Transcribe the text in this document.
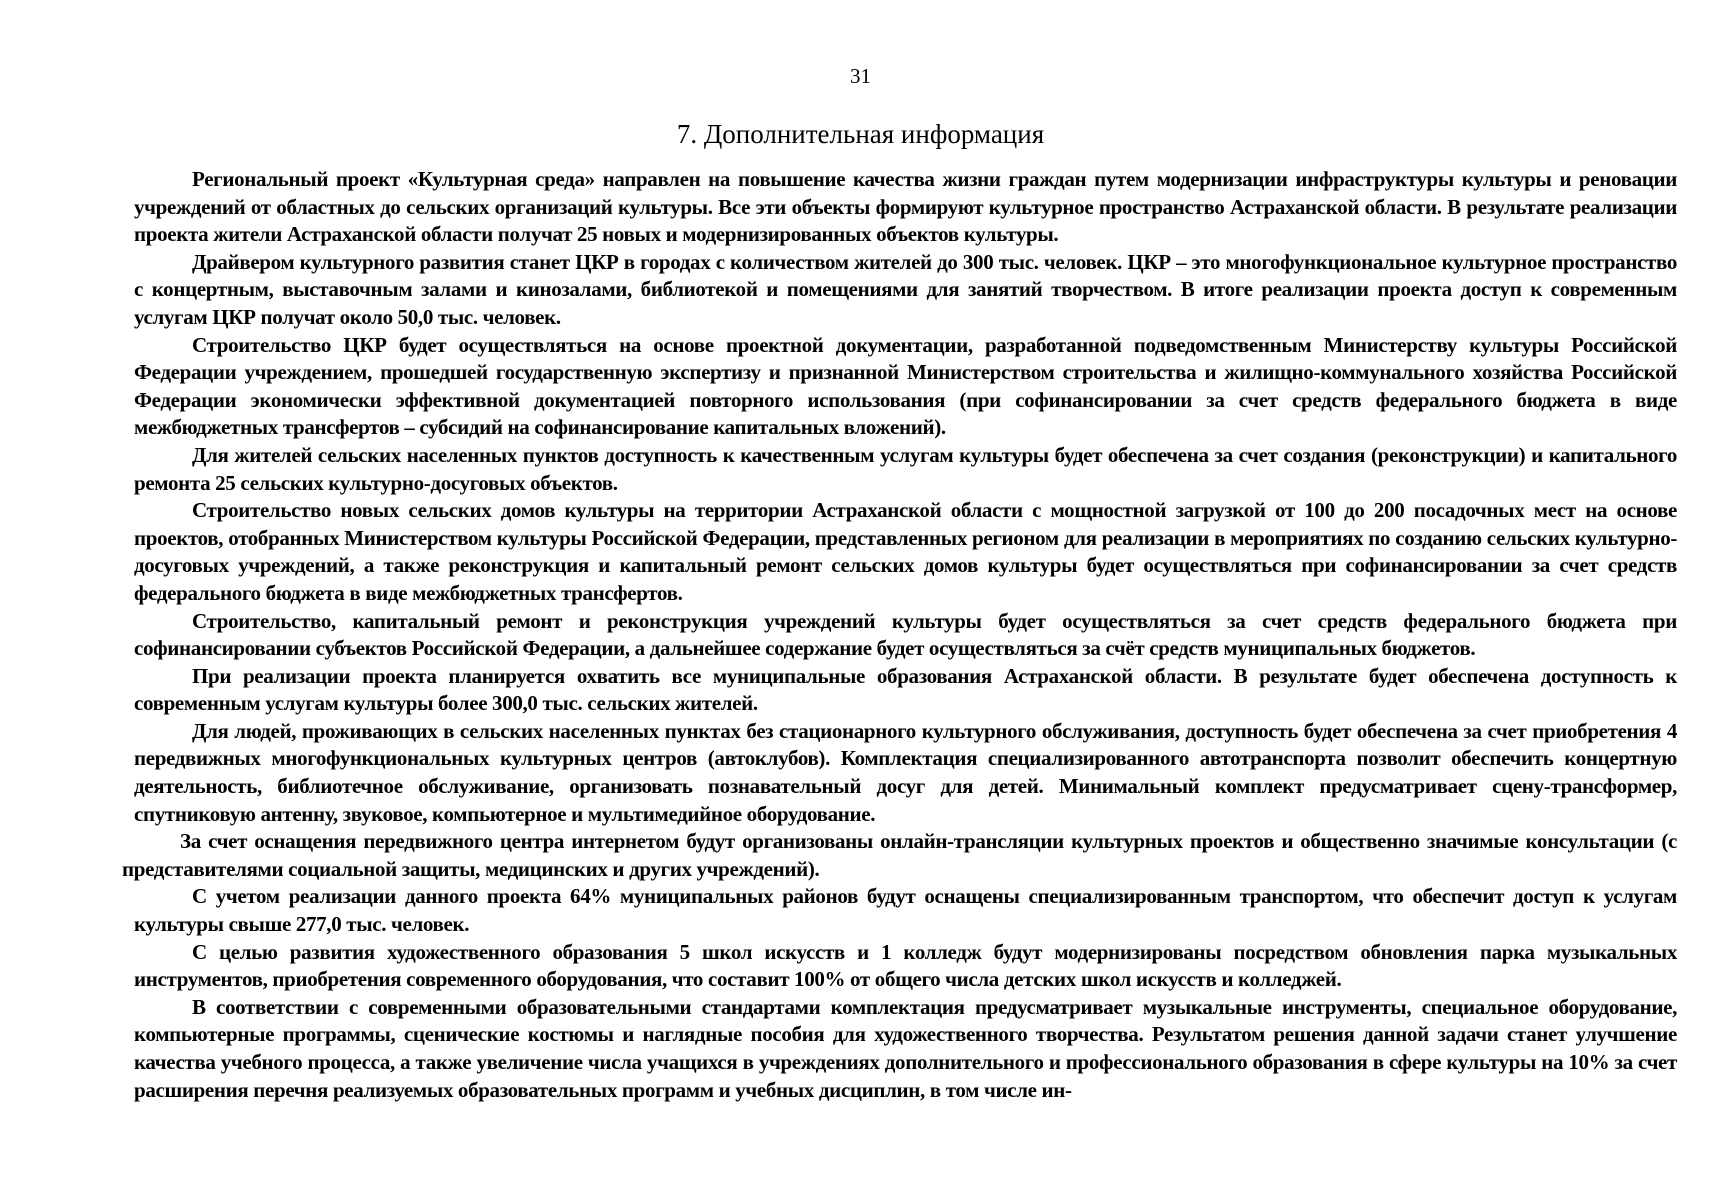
31
7. Дополнительная информация

Региональный проект «Культурная среда» направлен на повышение качества жизни граждан путем модернизации инфраструктуры культуры и реновации учреждений от областных до сельских организаций культуры. Все эти объекты формируют культурное пространство Астраханской области. В результате реализации проекта жители Астраханской области получат 25 новых и модернизированных объектов культуры.

Драйвером культурного развития станет ЦКР в городах с количеством жителей до 300 тыс. человек. ЦКР – это многофункциональное культурное пространство с концертным, выставочным залами и кинозалами, библиотекой и помещениями для занятий творчеством. В итоге реализации проекта доступ к современным услугам ЦКР получат около 50,0 тыс. человек.

Строительство ЦКР будет осуществляться на основе проектной документации, разработанной подведомственным Министерству культуры Российской Федерации учреждением, прошедшей государственную экспертизу и признанной Министерством строительства и жилищно-коммунального хозяйства Российской Федерации экономически эффективной документацией повторного использования (при софинансировании за счет средств федерального бюджета в виде межбюджетных трансфертов – субсидий на софинансирование капитальных вложений).

Для жителей сельских населенных пунктов доступность к качественным услугам культуры будет обеспечена за счет создания (реконструкции) и капитального ремонта 25 сельских культурно-досуговых объектов.

Строительство новых сельских домов культуры на территории Астраханской области с мощностной загрузкой от 100 до 200 посадочных мест на основе проектов, отобранных Министерством культуры Российской Федерации, представленных регионом для реализации в мероприятиях по созданию сельских культурно-досуговых учреждений, а также реконструкция и капитальный ремонт сельских домов культуры будет осуществляться при софинансировании за счет средств федерального бюджета в виде межбюджетных трансфертов.

Строительство, капитальный ремонт и реконструкция учреждений культуры будет осуществляться за счет средств федерального бюджета при софинансировании субъектов Российской Федерации, а дальнейшее содержание будет осуществляться за счёт средств муниципальных бюджетов.

При реализации проекта планируется охватить все муниципальные образования Астраханской области. В результате будет обеспечена доступность к современным услугам культуры более 300,0 тыс. сельских жителей.

Для людей, проживающих в сельских населенных пунктах без стационарного культурного обслуживания, доступность будет обеспечена за счет приобретения 4 передвижных многофункциональных культурных центров (автоклубов). Комплектация специализированного автотранспорта позволит обеспечить концертную деятельность, библиотечное обслуживание, организовать познавательный досуг для детей. Минимальный комплект предусматривает сцену-трансформер, спутниковую антенну, звуковое, компьютерное и мультимедийное оборудование.

За счет оснащения передвижного центра интернетом будут организованы онлайн-трансляции культурных проектов и общественно значимые консультации (с представителями социальной защиты, медицинских и других учреждений).

С учетом реализации данного проекта 64% муниципальных районов будут оснащены специализированным транспортом, что обеспечит доступ к услугам культуры свыше 277,0 тыс. человек.

С целью развития художественного образования 5 школ искусств и 1 колледж будут модернизированы посредством обновления парка музыкальных инструментов, приобретения современного оборудования, что составит 100% от общего числа детских школ искусств и колледжей.

В соответствии с современными образовательными стандартами комплектация предусматривает музыкальные инструменты, специальное оборудование, компьютерные программы, сценические костюмы и наглядные пособия для художественного творчества. Результатом решения данной задачи станет улучшение качества учебного процесса, а также увеличение числа учащихся в учреждениях дополнительного и профессионального образования в сфере культуры на 10% за счет расширения перечня реализуемых образовательных программ и учебных дисциплин, в том числе ин-
